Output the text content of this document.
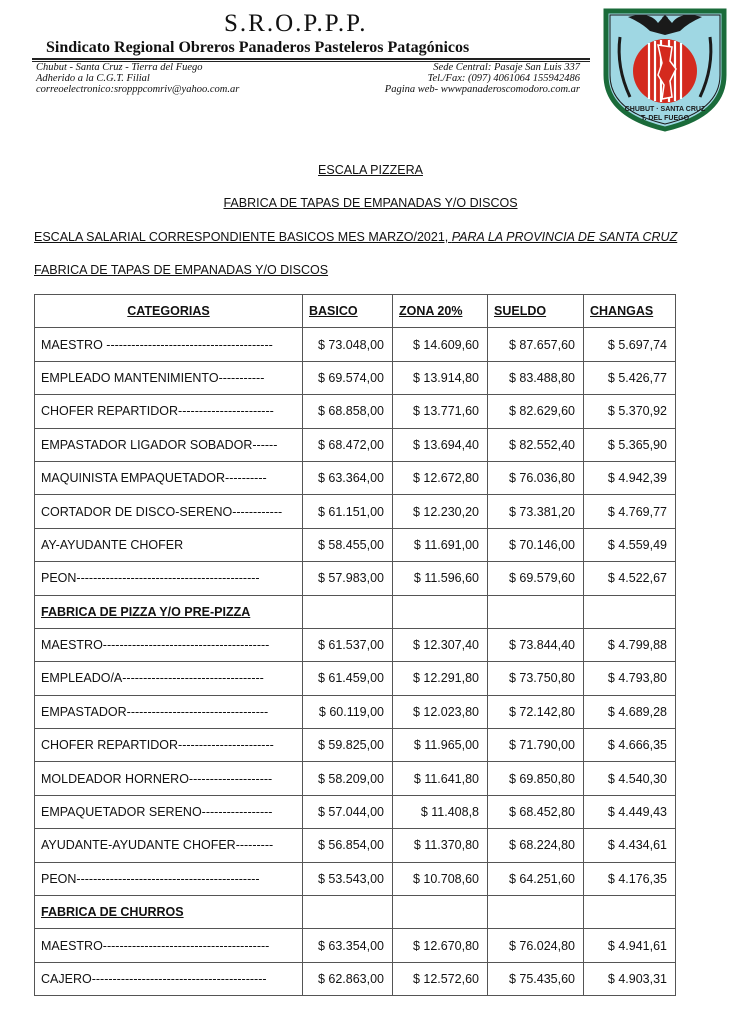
S.R.O.P.P.P.
Sindicato Regional Obreros Panaderos Pasteleros Patagónicos
Chubut - Santa Cruz - Tierra del Fuego
Adherido a la C.G.T. Filial
correoelectronico:sropppcomriv@yahoo.com.ar
Sede Central: Pasaje San Luis 337
Tel./Fax: (097) 4061064 155942486
Pagina web- wwwpanaderoscomodoro.com.ar
CHUBUT · SANTA CRUZ
T. DEL FUEGO
ESCALA PIZZERA
FABRICA DE TAPAS DE EMPANADAS Y/O DISCOS
ESCALA SALARIAL CORRESPONDIENTE BASICOS MES MARZO/2021, PARA LA PROVINCIA DE SANTA CRUZ
FABRICA DE TAPAS DE EMPANADAS Y/O DISCOS
CATEGORIAS	BASICO	ZONA 20%	SUELDO	CHANGAS
MAESTRO ----------------------------------------	$ 73.048,00	$ 14.609,60	$ 87.657,60	$ 5.697,74
EMPLEADO MANTENIMIENTO-----------	$ 69.574,00	$ 13.914,80	$ 83.488,80	$ 5.426,77
CHOFER REPARTIDOR-----------------------	$ 68.858,00	$ 13.771,60	$ 82.629,60	$ 5.370,92
EMPASTADOR LIGADOR SOBADOR------	$ 68.472,00	$ 13.694,40	$ 82.552,40	$ 5.365,90
MAQUINISTA EMPAQUETADOR----------	$ 63.364,00	$ 12.672,80	$ 76.036,80	$ 4.942,39
CORTADOR DE DISCO-SERENO------------	$ 61.151,00	$ 12.230,20	$ 73.381,20	$ 4.769,77
AY-AYUDANTE CHOFER	$ 58.455,00	$ 11.691,00	$ 70.146,00	$ 4.559,49
PEON--------------------------------------------	$ 57.983,00	$ 11.596,60	$ 69.579,60	$ 4.522,67
FABRICA DE PIZZA Y/O PRE-PIZZA				
MAESTRO----------------------------------------	$ 61.537,00	$ 12.307,40	$ 73.844,40	$ 4.799,88
EMPLEADO/A----------------------------------	$ 61.459,00	$ 12.291,80	$ 73.750,80	$ 4.793,80
EMPASTADOR----------------------------------	$ 60.119,00	$ 12.023,80	$ 72.142,80	$ 4.689,28
CHOFER REPARTIDOR-----------------------	$ 59.825,00	$ 11.965,00	$ 71.790,00	$ 4.666,35
MOLDEADOR HORNERO--------------------	$ 58.209,00	$ 11.641,80	$ 69.850,80	$ 4.540,30
EMPAQUETADOR SERENO-----------------	$ 57.044,00	$ 11.408,8	$ 68.452,80	$ 4.449,43
AYUDANTE-AYUDANTE CHOFER---------	$ 56.854,00	$ 11.370,80	$ 68.224,80	$ 4.434,61
PEON--------------------------------------------	$ 53.543,00	$ 10.708,60	$ 64.251,60	$ 4.176,35
FABRICA DE CHURROS				
MAESTRO----------------------------------------	$ 63.354,00	$ 12.670,80	$ 76.024,80	$ 4.941,61
CAJERO------------------------------------------	$ 62.863,00	$ 12.572,60	$ 75.435,60	$ 4.903,31
